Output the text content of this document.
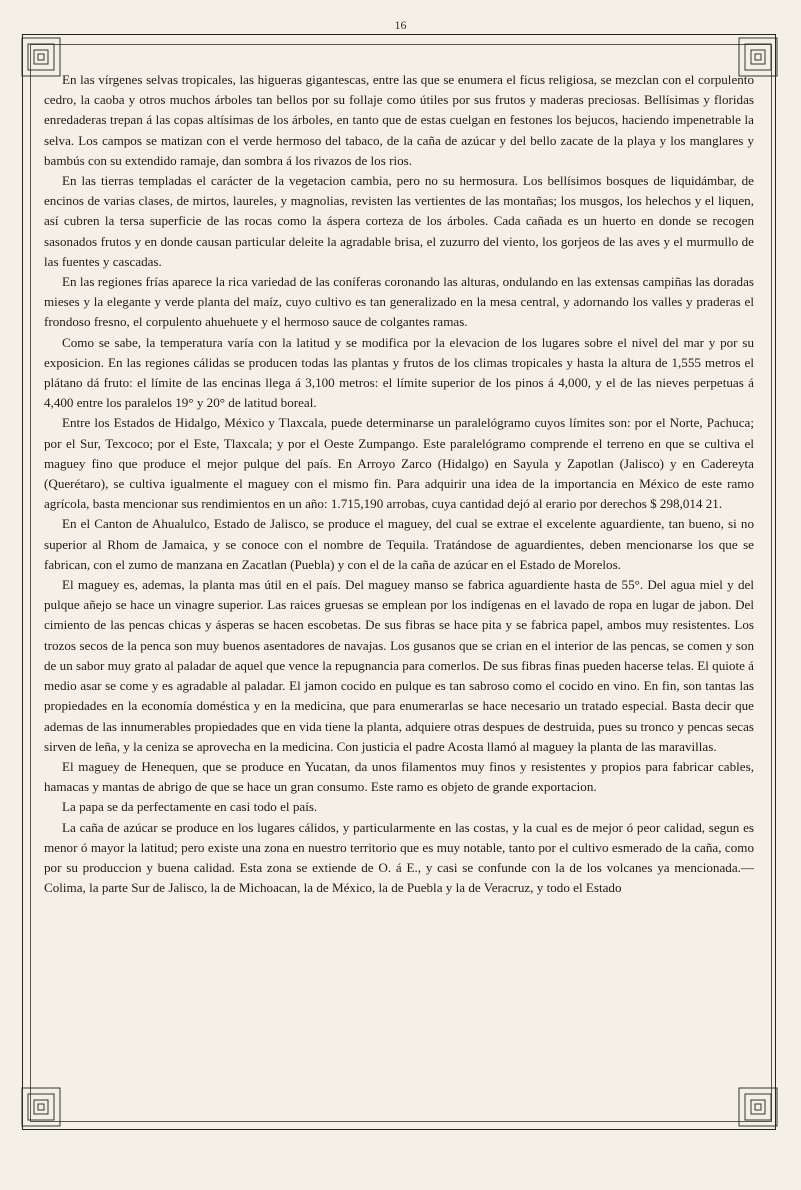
16

En las vírgenes selvas tropicales, las higueras gigantescas, entre las que se enumera el ficus religiosa, se mezclan con el corpulento cedro, la caoba y otros muchos árboles tan bellos por su follaje como útiles por sus frutos y maderas preciosas. Bellísimas y floridas enredaderas trepan á las copas altísimas de los árboles, en tanto que de estas cuelgan en festones los bejucos, haciendo impenetrable la selva. Los campos se matizan con el verde hermoso del tabaco, de la caña de azúcar y del bello zacate de la playa y los manglares y bambús con su extendido ramaje, dan sombra á los rivazos de los rios.

En las tierras templadas el carácter de la vegetacion cambia, pero no su hermosura. Los bellísimos bosques de liquidámbar, de encinos de varias clases, de mirtos, laureles, y magnolias, revisten las vertientes de las montañas; los musgos, los helechos y el liquen, así cubren la tersa superficie de las rocas como la áspera corteza de los árboles. Cada cañada es un huerto en donde se recogen sasonados frutos y en donde causan particular deleite la agradable brisa, el zuzurro del viento, los gorjeos de las aves y el murmullo de las fuentes y cascadas.

En las regiones frías aparece la rica variedad de las coníferas coronando las alturas, ondulando en las extensas campiñas las doradas mieses y la elegante y verde planta del maíz, cuyo cultivo es tan generalizado en la mesa central, y adornando los valles y praderas el frondoso fresno, el corpulento ahuehuete y el hermoso sauce de colgantes ramas.

Como se sabe, la temperatura varía con la latitud y se modifica por la elevacion de los lugares sobre el nivel del mar y por su exposicion. En las regiones cálidas se producen todas las plantas y frutos de los climas tropicales y hasta la altura de 1,555 metros el plátano dá fruto: el límite de las encinas llega á 3,100 metros: el límite superior de los pinos á 4,000, y el de las nieves perpetuas á 4,400 entre los paralelos 19° y 20° de latitud boreal.

Entre los Estados de Hidalgo, México y Tlaxcala, puede determinarse un paralelógramo cuyos límites son: por el Norte, Pachuca; por el Sur, Texcoco; por el Este, Tlaxcala; y por el Oeste Zumpango. Este paralelógramo comprende el terreno en que se cultiva el maguey fino que produce el mejor pulque del país. En Arroyo Zarco (Hidalgo) en Sayula y Zapotlan (Jalisco) y en Cadereyta (Querétaro), se cultiva igualmente el maguey con el mismo fin. Para adquirir una idea de la importancia en México de este ramo agrícola, basta mencionar sus rendimientos en un año: 1.715,190 arrobas, cuya cantidad dejó al erario por derechos $ 298,014 21.

En el Canton de Ahualulco, Estado de Jalisco, se produce el maguey, del cual se extrae el excelente aguardiente, tan bueno, si no superior al Rhom de Jamaica, y se conoce con el nombre de Tequila. Tratándose de aguardientes, deben mencionarse los que se fabrican, con el zumo de manzana en Zacatlan (Puebla) y con el de la caña de azúcar en el Estado de Morelos.

El maguey es, ademas, la planta mas útil en el país. Del maguey manso se fabrica aguardiente hasta de 55°. Del agua miel y del pulque añejo se hace un vinagre superior. Las raices gruesas se emplean por los indígenas en el lavado de ropa en lugar de jabon. Del cimiento de las pencas chicas y ásperas se hacen escobetas. De sus fibras se hace pita y se fabrica papel, ambos muy resistentes. Los trozos secos de la penca son muy buenos asentadores de navajas. Los gusanos que se crian en el interior de las pencas, se comen y son de un sabor muy grato al paladar de aquel que vence la repugnancia para comerlos. De sus fibras finas pueden hacerse telas. El quiote á medio asar se come y es agradable al paladar. El jamon cocido en pulque es tan sabroso como el cocido en vino. En fin, son tantas las propiedades en la economía doméstica y en la medicina, que para enumerarlas se hace necesario un tratado especial. Basta decir que ademas de las innumerables propiedades que en vida tiene la planta, adquiere otras despues de destruida, pues su tronco y pencas secas sirven de leña, y la ceniza se aprovecha en la medicina. Con justicia el padre Acosta llamó al maguey la planta de las maravillas.

El maguey de Henequen, que se produce en Yucatan, da unos filamentos muy finos y resistentes y propios para fabricar cables, hamacas y mantas de abrigo de que se hace un gran consumo. Este ramo es objeto de grande exportacion.

La papa se da perfectamente en casi todo el país.

La caña de azúcar se produce en los lugares cálidos, y particularmente en las costas, y la cual es de mejor ó peor calidad, segun es menor ó mayor la latitud; pero existe una zona en nuestro territorio que es muy notable, tanto por el cultivo esmerado de la caña, como por su produccion y buena calidad. Esta zona se extiende de O. á E., y casi se confunde con la de los volcanes ya mencionada.—Colima, la parte Sur de Jalisco, la de Michoacan, la de México, la de Puebla y la de Veracruz, y todo el Estado
